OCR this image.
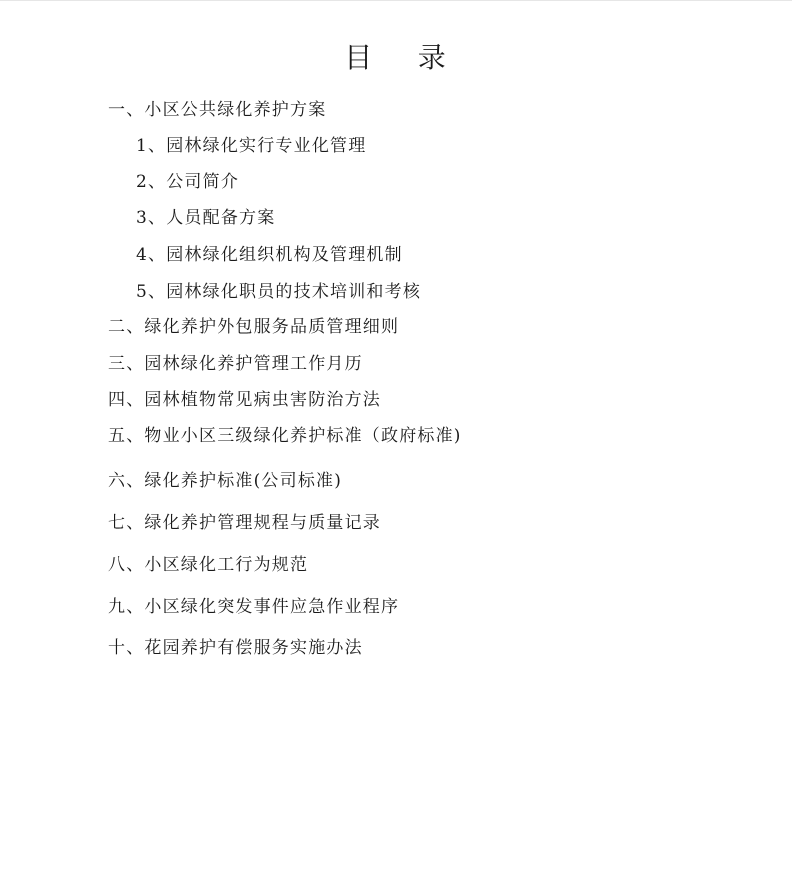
目    录
一、小区公共绿化养护方案
1、园林绿化实行专业化管理
2、公司简介
3、人员配备方案
4、园林绿化组织机构及管理机制
5、园林绿化职员的技术培训和考核
二、绿化养护外包服务品质管理细则
三、园林绿化养护管理工作月历
四、园林植物常见病虫害防治方法
五、物业小区三级绿化养护标准（政府标准)
六、绿化养护标准(公司标准)
七、绿化养护管理规程与质量记录
八、小区绿化工行为规范
九、小区绿化突发事件应急作业程序
十、花园养护有偿服务实施办法
